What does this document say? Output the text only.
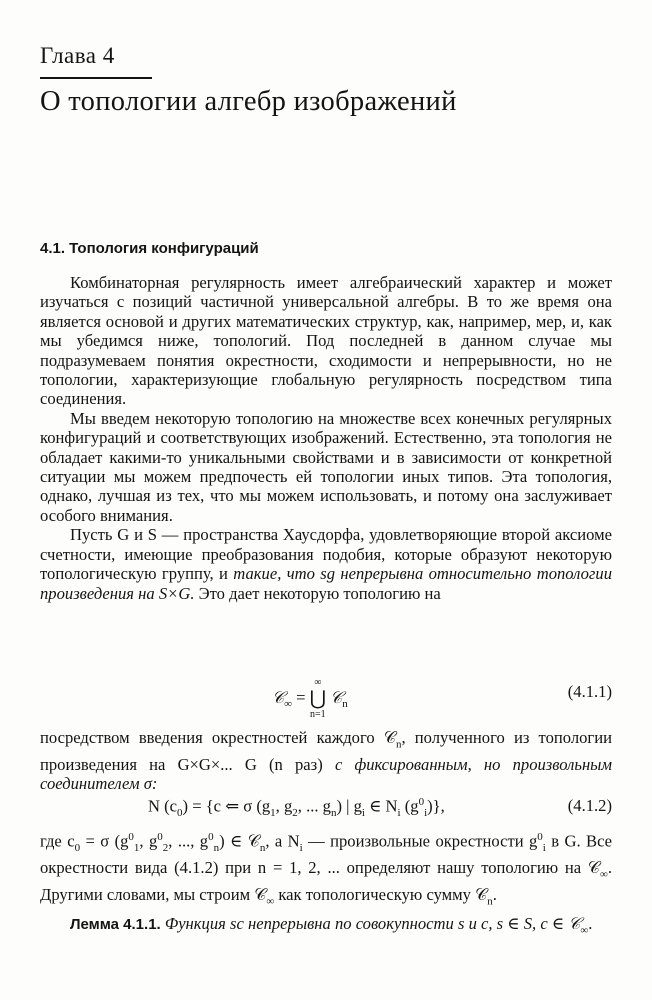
Глава 4
О топологии алгебр изображений
4.1. Топология конфигураций

Комбинаторная регулярность имеет алгебраический характер и может изучаться с позиций частичной универсальной алгебры. В то же время она является основой и других математических структур, как, например, мер, и, как мы убедимся ниже, топологий. Под последней в данном случае мы подразумеваем понятия окрестности, сходимости и непрерывности, но не топологии, характеризующие глобальную регулярность посредством типа соединения.

Мы введем некоторую топологию на множестве всех конечных регулярных конфигураций и соответствующих изображений. Естественно, эта топология не обладает какими-то уникальными свойствами и в зависимости от конкретной ситуации мы можем предпочесть ей топологии иных типов. Эта топология, однако, лучшая из тех, что мы можем использовать, и потому она заслуживает особого внимания.

Пусть G и S — пространства Хаусдорфа, удовлетворяющие второй аксиоме счетности, имеющие преобразования подобия, которые образуют некоторую топологическую группу, и такие, что sg непрерывна относительно топологии произведения на S×G. Это дает некоторую топологию на

𝒞$_\infty$ =
∞
⋃
n=1
𝒞$_n$
(4.1.1)

посредством введения окрестностей каждого 𝒞$_n$, полученного из топологии произведения на G×G×... G (n раз) с фиксированным, но произвольным соединителем σ:

N $(c_0) = \{c$ ⇐ σ ($g_1$, $g_2$, ... $g_n$) | $g_i$ ∈ $N_i$ $(g^0_i)$},	(4.1.2)

где $c_0 = \sigma$ ($g^0_1$, $g^0_2$, ..., $g^0_n$) ∈ 𝒞$_n$, а $N_i$ — произвольные окрестности $g^0_i$ в G. Все окрестности вида (4.1.2) при n = 1, 2, ... определяют нашу топологию на 𝒞$_\infty$. Другими словами, мы строим 𝒞$_\infty$ как топологическую сумму 𝒞$_n$.

Лемма 4.1.1. Функция sc непрерывна по совокупности s и c, s ∈ S, c ∈ 𝒞$_\infty$.
